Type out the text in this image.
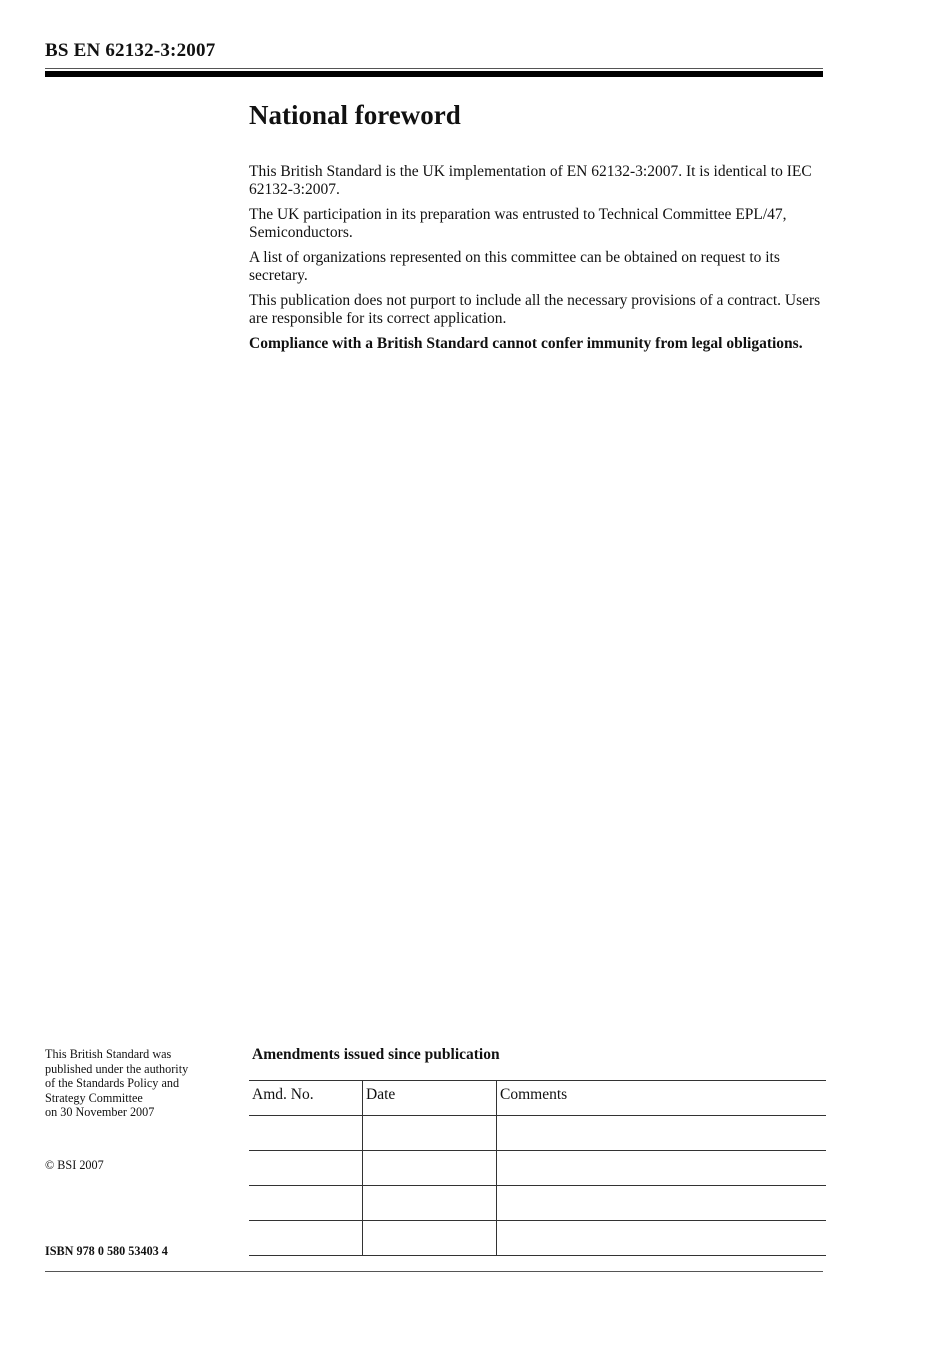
BS EN 62132-3:2007
National foreword

This British Standard is the UK implementation of EN 62132-3:2007. It is identical to IEC 62132-3:2007.

The UK participation in its preparation was entrusted to Technical Committee EPL/47, Semiconductors.

A list of organizations represented on this committee can be obtained on request to its secretary.

This publication does not purport to include all the necessary provisions of a contract. Users are responsible for its correct application.

Compliance with a British Standard cannot confer immunity from legal obligations.

This British Standard was
published under the authority
of the Standards Policy and
Strategy Committee
on 30 November 2007
© BSI 2007
ISBN 978 0 580 53403 4
Amendments issued since publication
Amd. No.	Date	Comments
